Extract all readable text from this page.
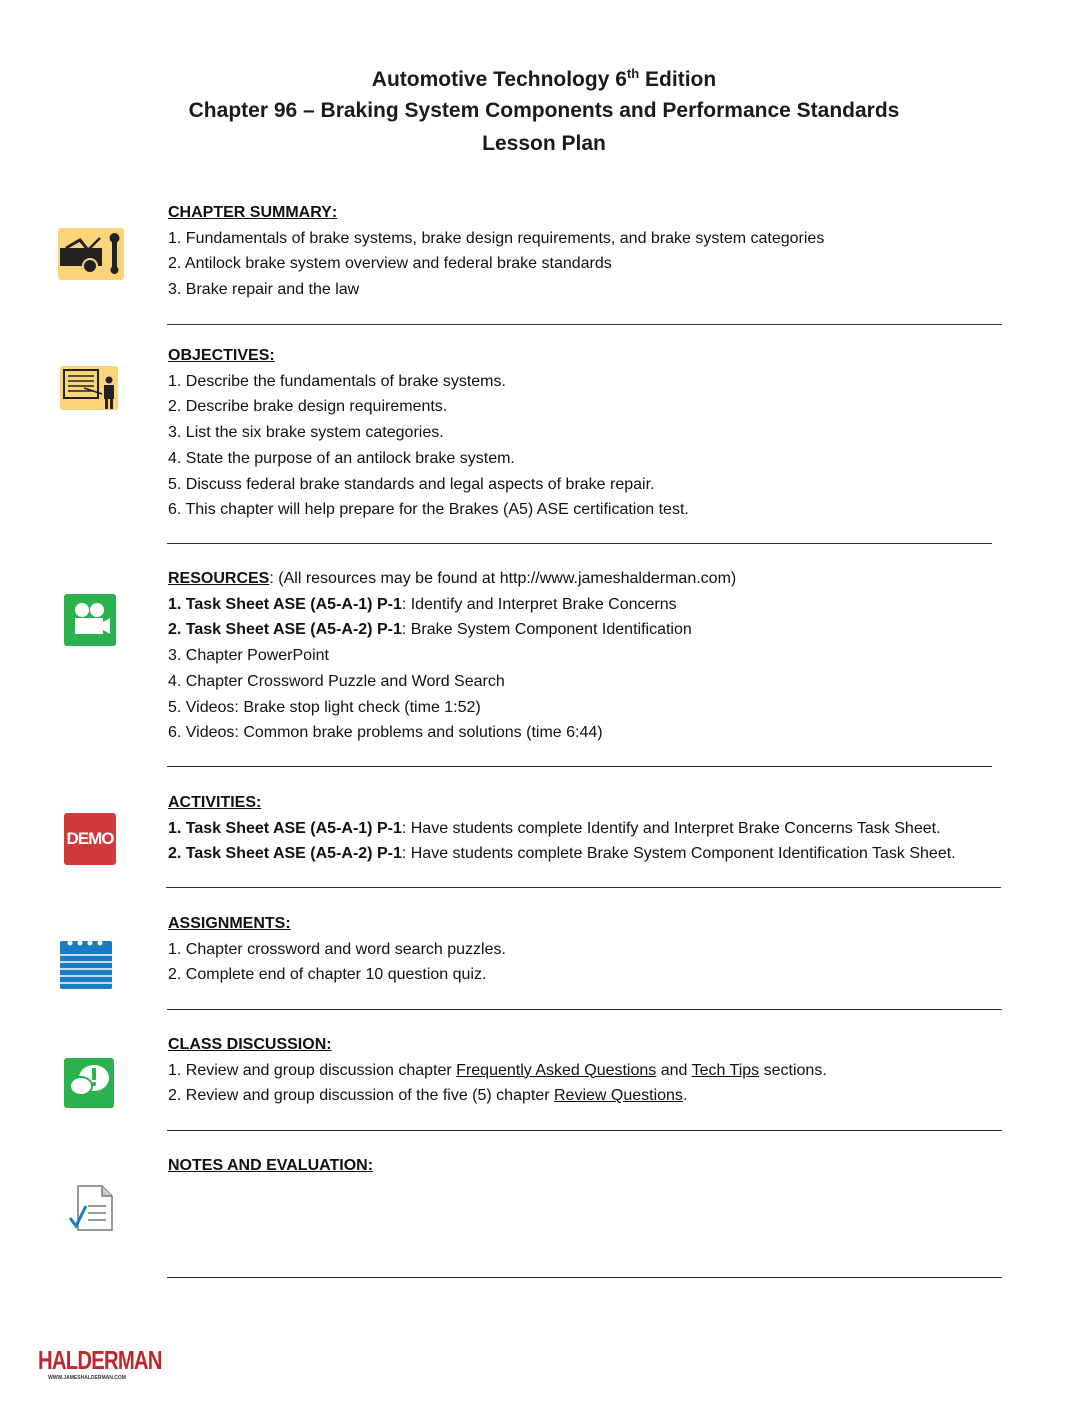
Automotive Technology 6th Edition
Chapter 96 – Braking System Components and Performance Standards
Lesson Plan
CHAPTER SUMMARY:
1. Fundamentals of brake systems, brake design requirements, and brake system categories
2. Antilock brake system overview and federal brake standards
3. Brake repair and the law
OBJECTIVES:
1. Describe the fundamentals of brake systems.
2. Describe brake design requirements.
3. List the six brake system categories.
4. State the purpose of an antilock brake system.
5. Discuss federal brake standards and legal aspects of brake repair.
6. This chapter will help prepare for the Brakes (A5) ASE certification test.
RESOURCES: (All resources may be found at http://www.jameshalderman.com)
1. Task Sheet ASE (A5-A-1) P-1: Identify and Interpret Brake Concerns
2. Task Sheet ASE (A5-A-2) P-1: Brake System Component Identification
3. Chapter PowerPoint
4. Chapter Crossword Puzzle and Word Search
5. Videos: Brake stop light check (time 1:52)
6. Videos: Common brake problems and solutions (time 6:44)
DEMO
ACTIVITIES:
1. Task Sheet ASE (A5-A-1) P-1: Have students complete Identify and Interpret Brake Concerns Task Sheet.
2. Task Sheet ASE (A5-A-2) P-1: Have students complete Brake System Component Identification Task Sheet.
ASSIGNMENTS:
1. Chapter crossword and word search puzzles.
2. Complete end of chapter 10 question quiz.
CLASS DISCUSSION:
1. Review and group discussion chapter Frequently Asked Questions and Tech Tips sections.
2. Review and group discussion of the five (5) chapter Review Questions.
NOTES AND EVALUATION:
HALDERMAN
WWW.JAMESHALDERMAN.COM
